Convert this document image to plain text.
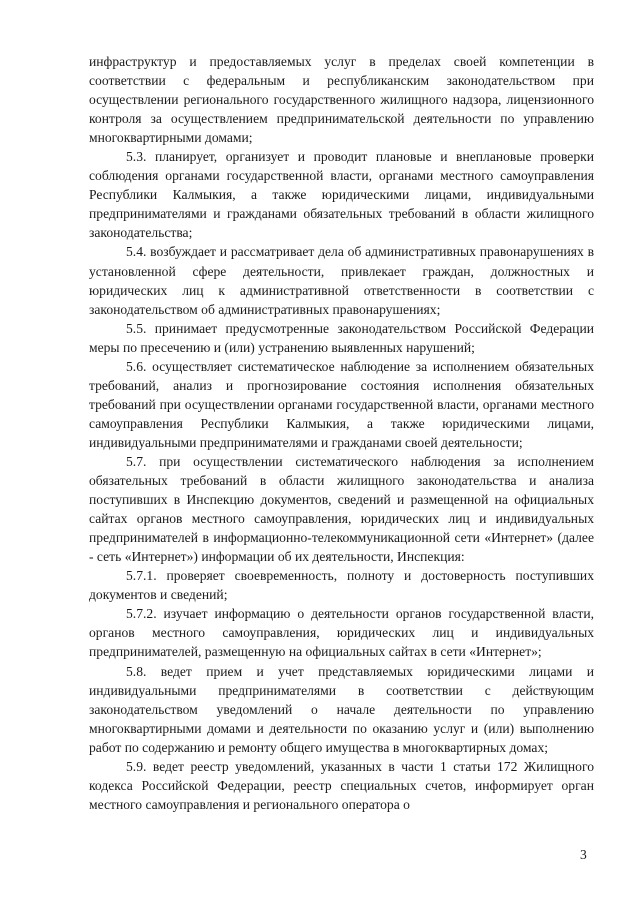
инфраструктур и предоставляемых услуг в пределах своей компетенции в соответствии с федеральным и республиканским законодательством при осуществлении регионального государственного жилищного надзора, лицензионного контроля за осуществлением предпринимательской деятельности по управлению многоквартирными домами;

5.3. планирует, организует и проводит плановые и внеплановые проверки соблюдения органами государственной власти, органами местного самоуправления Республики Калмыкия, а также юридическими лицами, индивидуальными предпринимателями и гражданами обязательных требований в области жилищного законодательства;

5.4. возбуждает и рассматривает дела об административных правонарушениях в установленной сфере деятельности, привлекает граждан, должностных и юридических лиц к административной ответственности в соответствии с законодательством об административных правонарушениях;

5.5. принимает предусмотренные законодательством Российской Федерации меры по пресечению и (или) устранению выявленных нарушений;

5.6. осуществляет систематическое наблюдение за исполнением обязательных требований, анализ и прогнозирование состояния исполнения обязательных требований при осуществлении органами государственной власти, органами местного самоуправления Республики Калмыкия, а также юридическими лицами, индивидуальными предпринимателями и гражданами своей деятельности;

5.7. при осуществлении систематического наблюдения за исполнением обязательных требований в области жилищного законодательства и анализа поступивших в Инспекцию документов, сведений и размещенной на официальных сайтах органов местного самоуправления, юридических лиц и индивидуальных предпринимателей в информационно-телекоммуникационной сети «Интернет» (далее - сеть «Интернет») информации об их деятельности, Инспекция:

5.7.1. проверяет своевременность, полноту и достоверность поступивших документов и сведений;

5.7.2. изучает информацию о деятельности органов государственной власти, органов местного самоуправления, юридических лиц и индивидуальных предпринимателей, размещенную на официальных сайтах в сети «Интернет»;

5.8. ведет прием и учет представляемых юридическими лицами и индивидуальными предпринимателями в соответствии с действующим законодательством уведомлений о начале деятельности по управлению многоквартирными домами и деятельности по оказанию услуг и (или) выполнению работ по содержанию и ремонту общего имущества в многоквартирных домах;

5.9. ведет реестр уведомлений, указанных в части 1 статьи 172 Жилищного кодекса Российской Федерации, реестр специальных счетов, информирует орган местного самоуправления и регионального оператора о

3
